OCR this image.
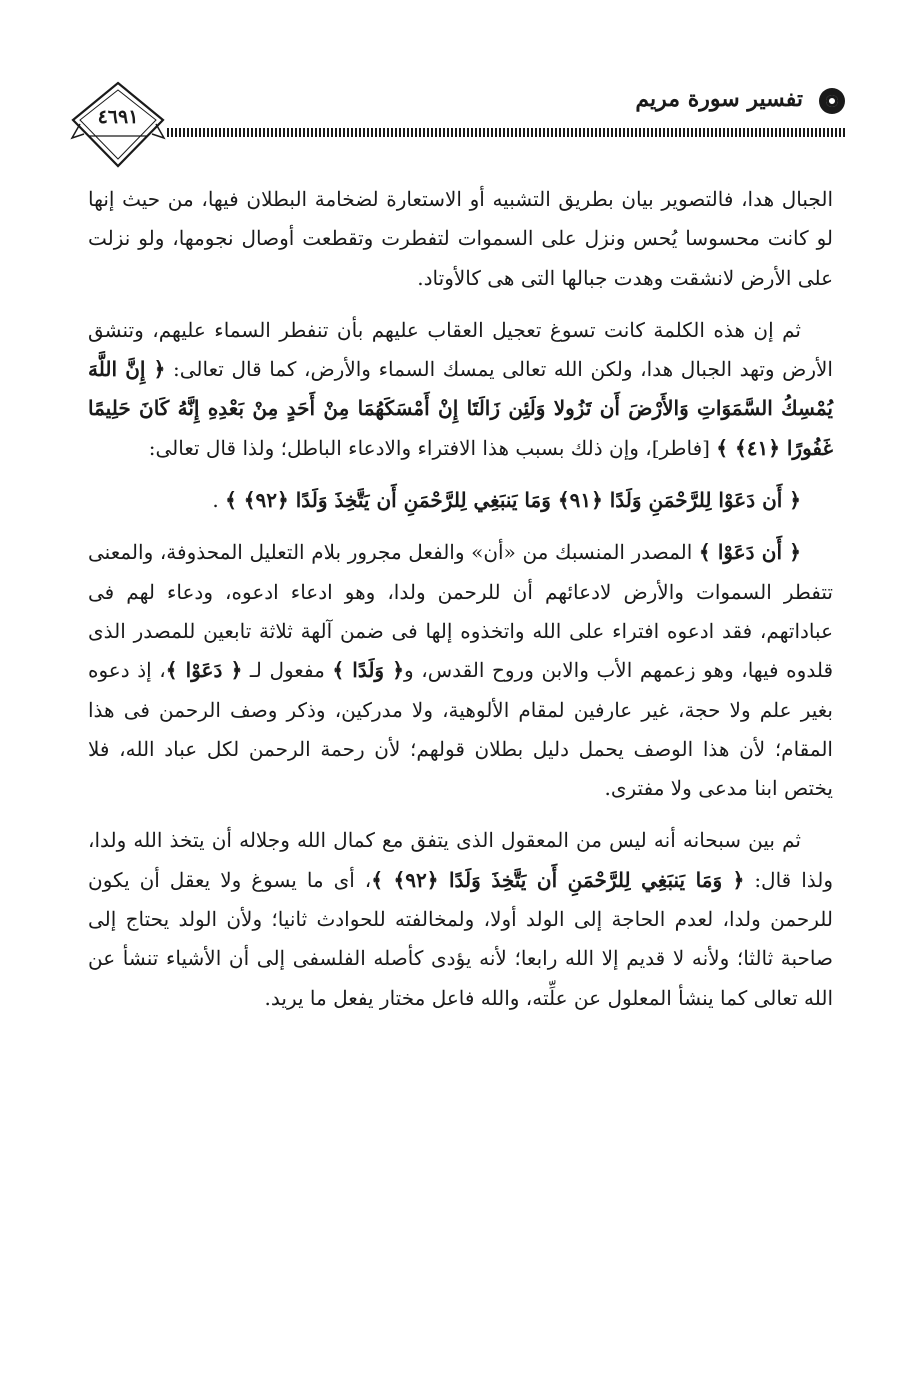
تفسير سورة مريم
٤٦٩١

الجبال هدا، فالتصوير بيان بطريق التشبيه أو الاستعارة لضخامة البطلان فيها، من حيث إنها لو كانت محسوسا يُحس ونزل على السموات لتفطرت وتقطعت أوصال نجومها، ولو نزلت على الأرض لانشقت وهدت جبالها التى هى كالأوتاد.

ثم إن هذه الكلمة كانت تسوغ تعجيل العقاب عليهم بأن تنفطر السماء عليهم، وتنشق الأرض وتهد الجبال هدا، ولكن الله تعالى يمسك السماء والأرض، كما قال تعالى: ﴿ إِنَّ اللَّهَ يُمْسِكُ السَّمَوَاتِ وَالأَرْضَ أَن تَزُولا وَلَئِن زَالَتَا إِنْ أَمْسَكَهُمَا مِنْ أَحَدٍ مِنْ بَعْدِهِ إِنَّهُ كَانَ حَلِيمًا غَفُورًا ﴿٤١﴾ ﴾ [فاطر]، وإن ذلك بسبب هذا الافتراء والادعاء الباطل؛ ولذا قال تعالى:

﴿ أَن دَعَوْا لِلرَّحْمَنِ وَلَدًا ﴿٩١﴾ وَمَا يَنبَغِي لِلرَّحْمَنِ أَن يَتَّخِذَ وَلَدًا ﴿٩٢﴾ ﴾ .

﴿ أَن دَعَوْا ﴾ المصدر المنسبك من «أن» والفعل مجرور بلام التعليل المحذوفة، والمعنى تتفطر السموات والأرض لادعائهم أن للرحمن ولدا، وهو ادعاء ادعوه، ودعاء لهم فى عباداتهم، فقد ادعوه افتراء على الله واتخذوه إلها فى ضمن آلهة ثلاثة تابعين للمصدر الذى قلدوه فيها، وهو زعمهم الأب والابن وروح القدس، و﴿ وَلَدًا ﴾ مفعول لـ ﴿ دَعَوْا ﴾، إذ دعوه بغير علم ولا حجة، غير عارفين لمقام الألوهية، ولا مدركين، وذكر وصف الرحمن فى هذا المقام؛ لأن هذا الوصف يحمل دليل بطلان قولهم؛ لأن رحمة الرحمن لكل عباد الله، فلا يختص ابنا مدعى ولا مفترى.

ثم بين سبحانه أنه ليس من المعقول الذى يتفق مع كمال الله وجلاله أن يتخذ الله ولدا، ولذا قال: ﴿ وَمَا يَنبَغِي لِلرَّحْمَنِ أَن يَتَّخِذَ وَلَدًا ﴿٩٢﴾ ﴾، أى ما يسوغ ولا يعقل أن يكون للرحمن ولدا، لعدم الحاجة إلى الولد أولا، ولمخالفته للحوادث ثانيا؛ ولأن الولد يحتاج إلى صاحبة ثالثا؛ ولأنه لا قديم إلا الله رابعا؛ لأنه يؤدى كأصله الفلسفى إلى أن الأشياء تنشأ عن الله تعالى كما ينشأ المعلول عن علِّته، والله فاعل مختار يفعل ما يريد.
